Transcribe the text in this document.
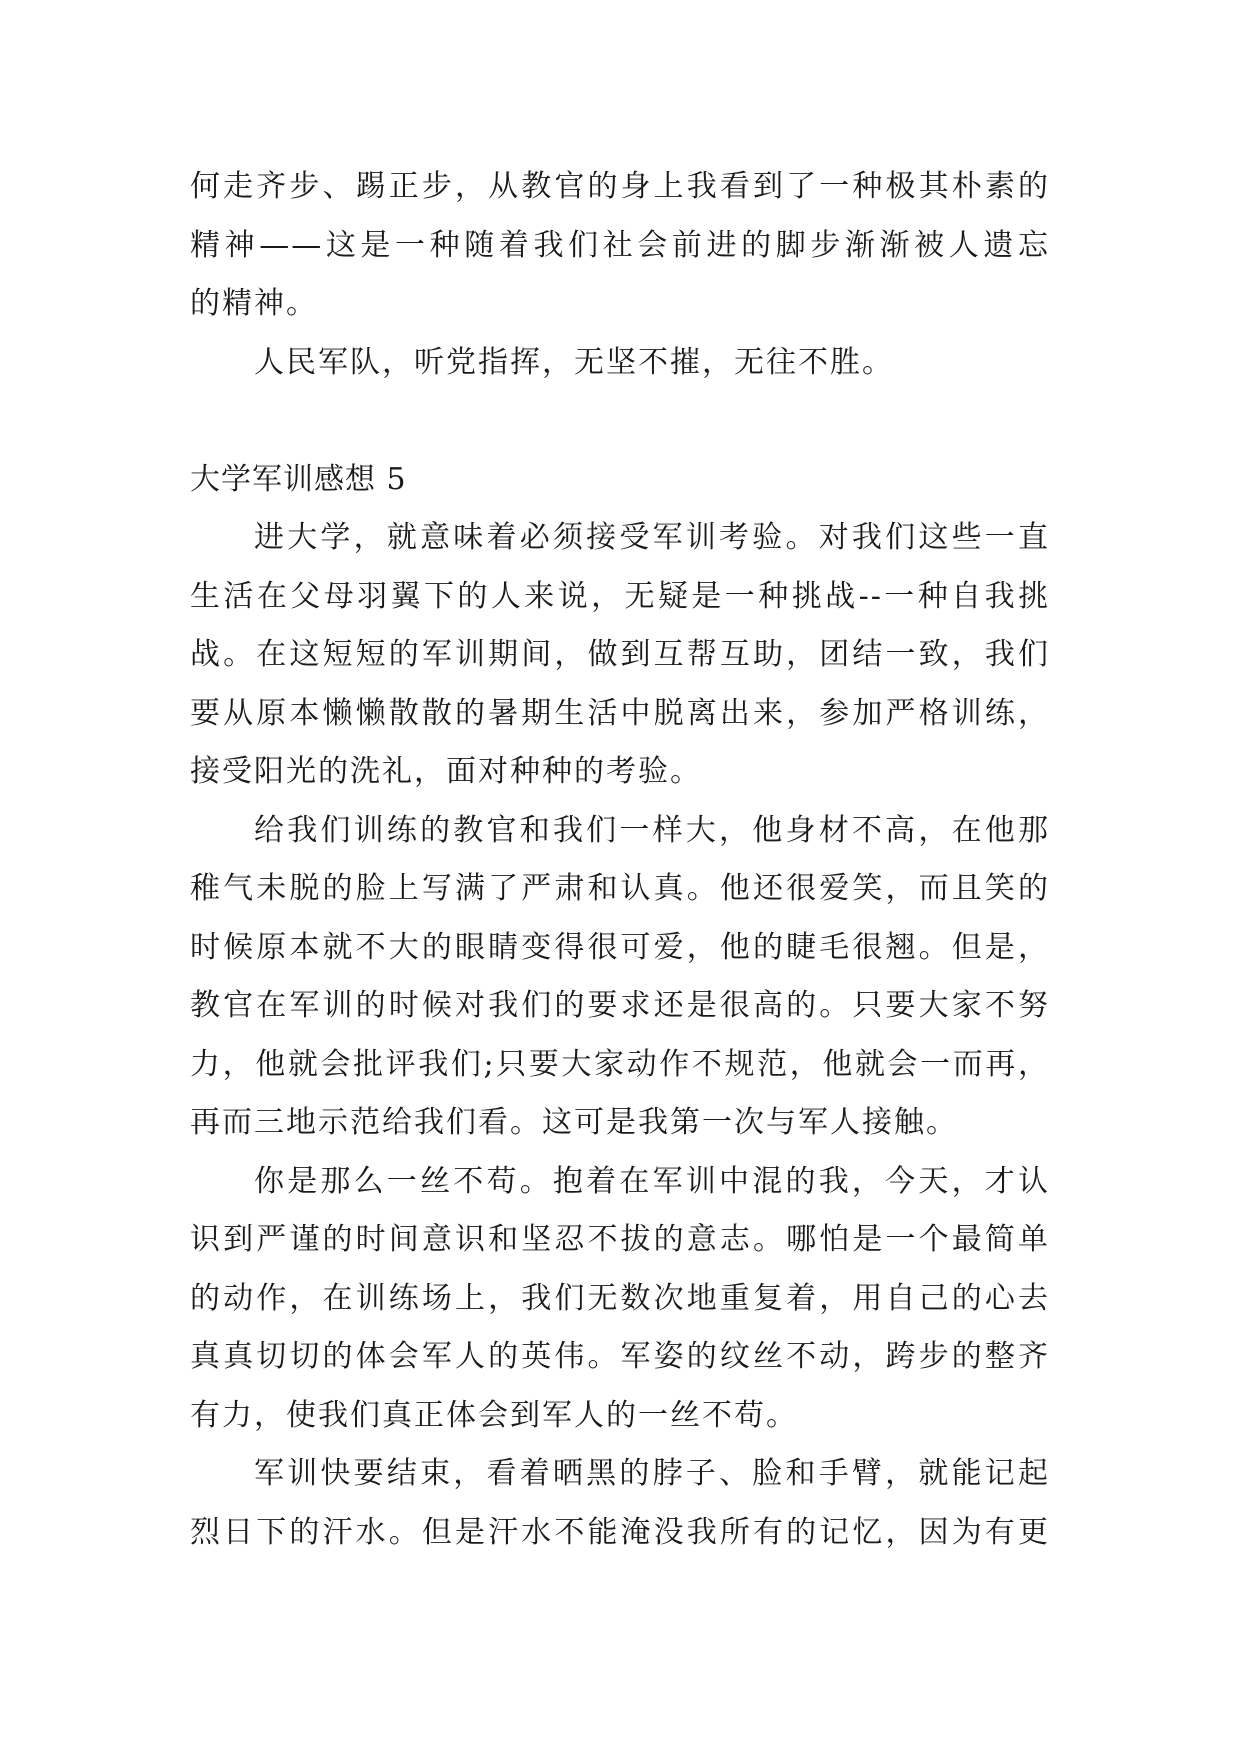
何走齐步、踢正步，从教官的身上我看到了一种极其朴素的
精神——这是一种随着我们社会前进的脚步渐渐被人遗忘
的精神。
人民军队，听党指挥，无坚不摧，无往不胜。
大学军训感想 5
进大学，就意味着必须接受军训考验。对我们这些一直
生活在父母羽翼下的人来说，无疑是一种挑战--一种自我挑
战。在这短短的军训期间，做到互帮互助，团结一致，我们
要从原本懒懒散散的暑期生活中脱离出来，参加严格训练，
接受阳光的洗礼，面对种种的考验。
给我们训练的教官和我们一样大，他身材不高，在他那
稚气未脱的脸上写满了严肃和认真。他还很爱笑，而且笑的
时候原本就不大的眼睛变得很可爱，他的睫毛很翘。但是，
教官在军训的时候对我们的要求还是很高的。只要大家不努
力，他就会批评我们;只要大家动作不规范，他就会一而再，
再而三地示范给我们看。这可是我第一次与军人接触。
你是那么一丝不苟。抱着在军训中混的我，今天，才认
识到严谨的时间意识和坚忍不拔的意志。哪怕是一个最简单
的动作，在训练场上，我们无数次地重复着，用自己的心去
真真切切的体会军人的英伟。军姿的纹丝不动，跨步的整齐
有力，使我们真正体会到军人的一丝不苟。
军训快要结束，看着晒黑的脖子、脸和手臂，就能记起
烈日下的汗水。但是汗水不能淹没我所有的记忆，因为有更
